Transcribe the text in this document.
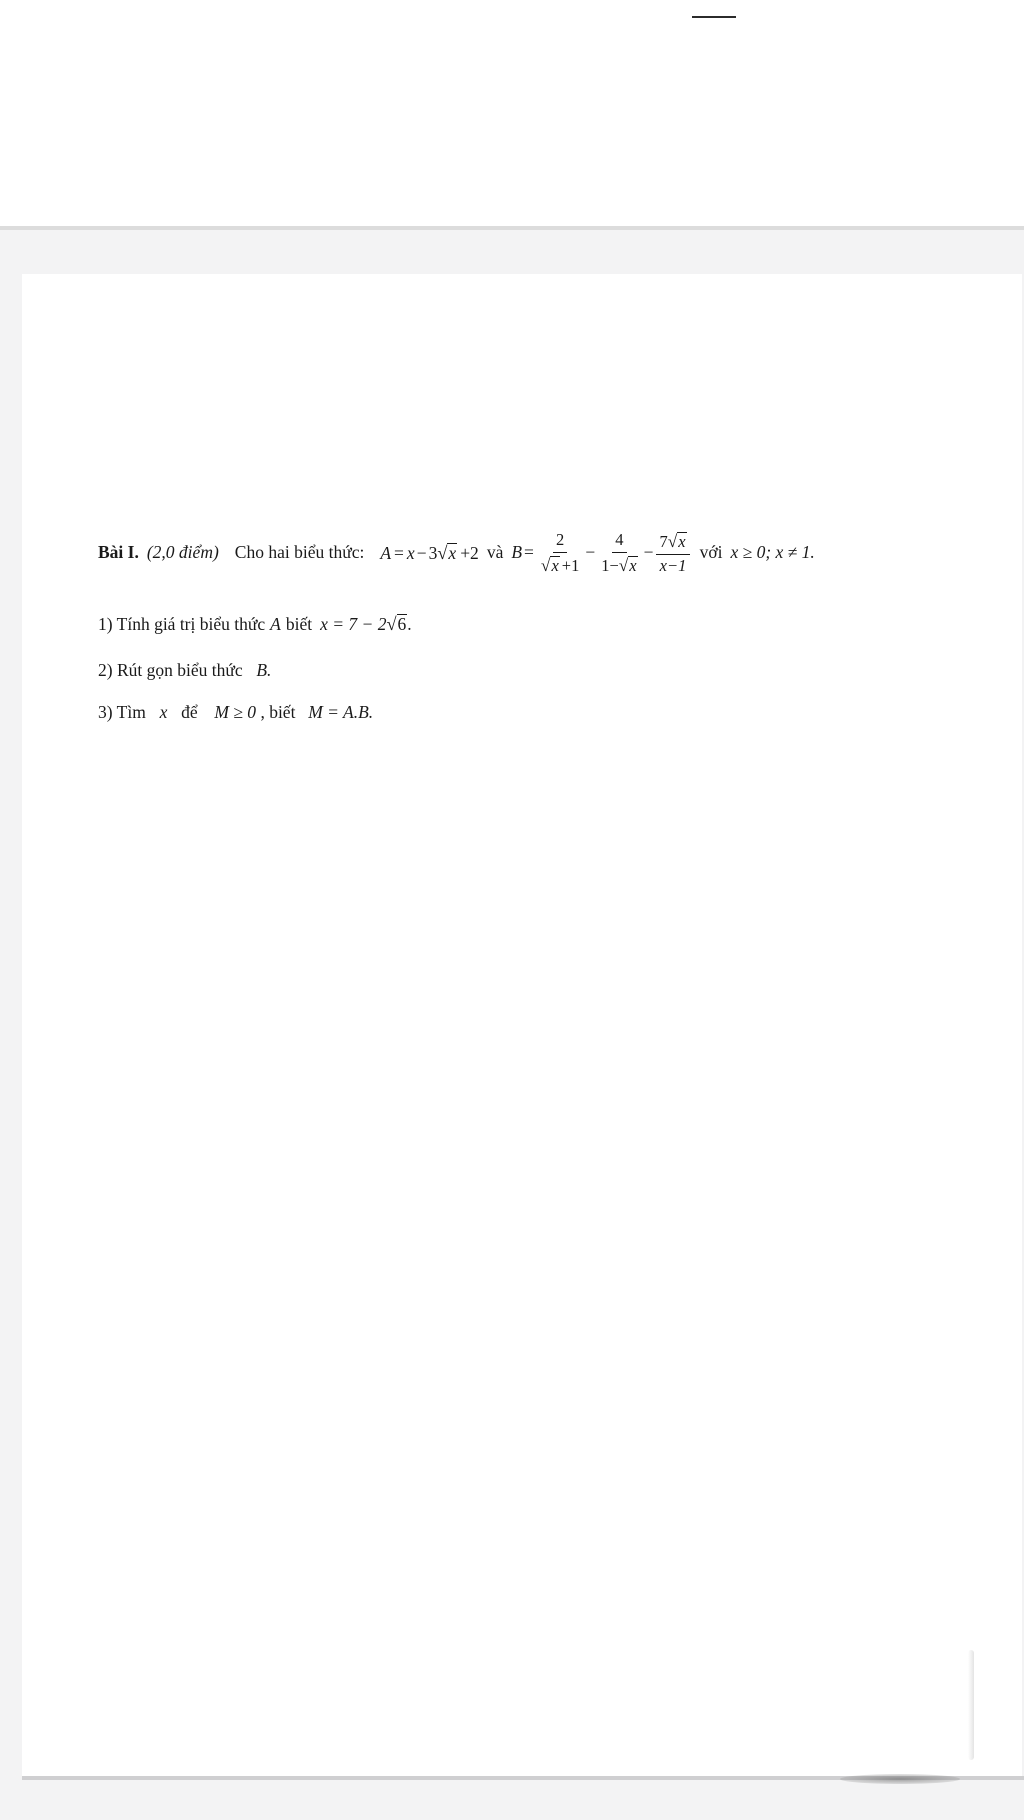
Bài I. (2,0 điểm) Cho hai biểu thức: A = x − 3 √ x +2 và $B = \frac{2}{√ x +1} - \frac{4}{1- √ x} - \frac{7 √ x}{x-1}$ với x ≥ 0; x ≠ 1.
1) Tính giá trị biểu thức A biết x = 7 − 2 √ 6 .
2) Rút gọn biểu thức B.
3) Tìm x để M ≥ 0 , biết M = A.B.
